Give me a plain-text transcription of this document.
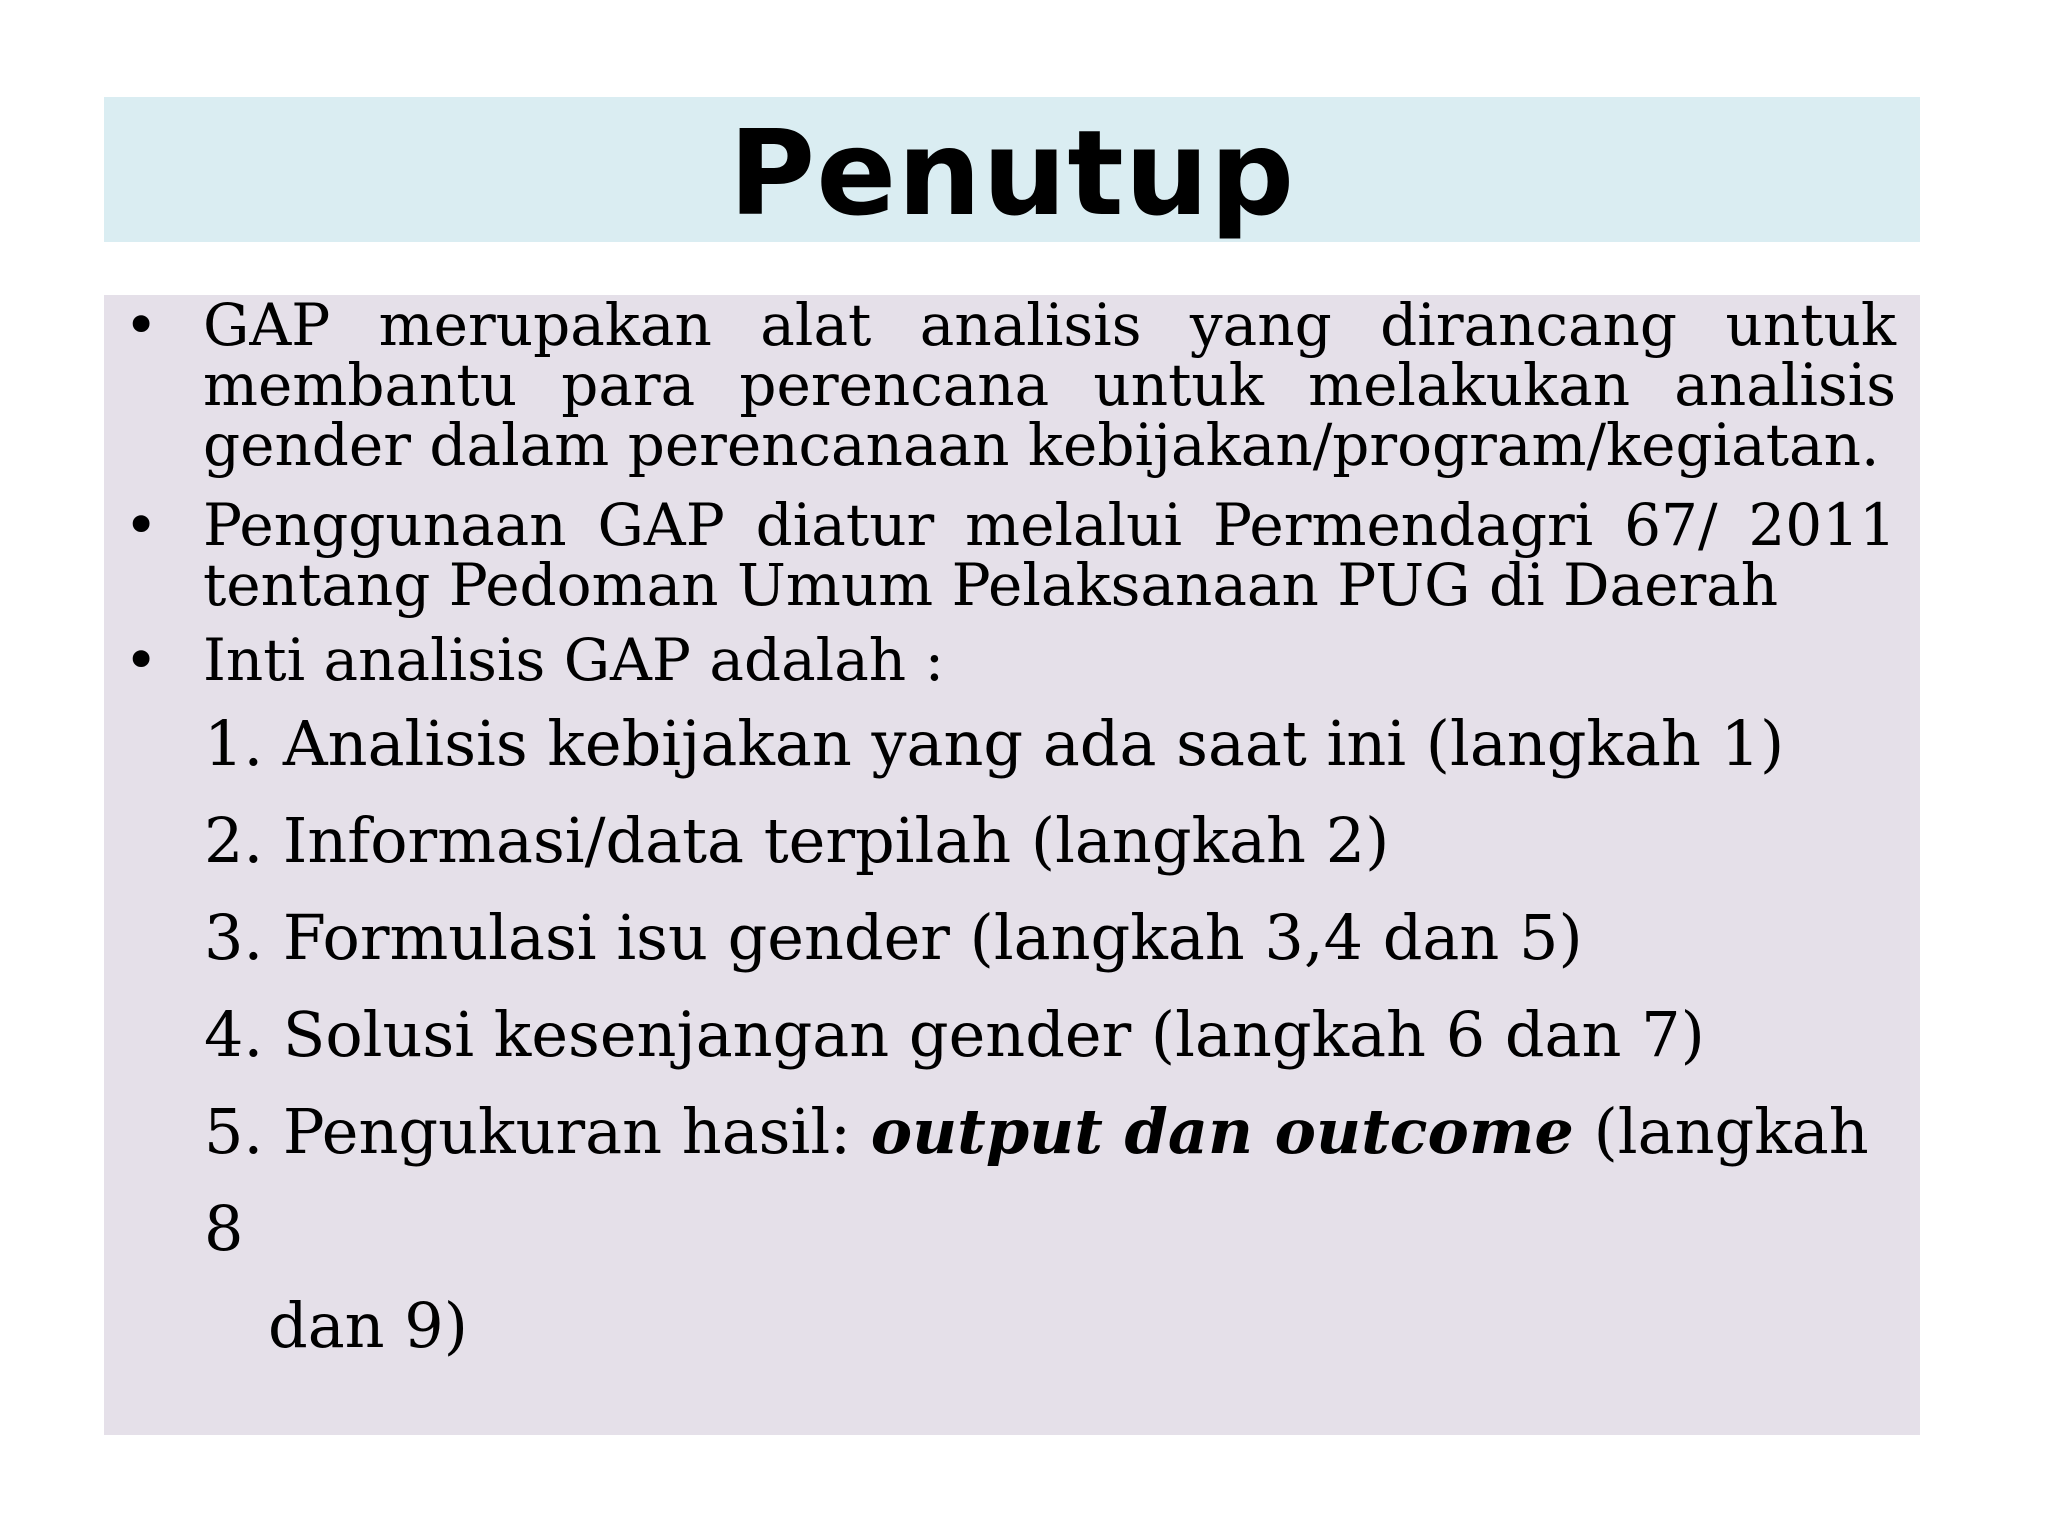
Penutup
• GAP merupakan alat analisis yang dirancang untuk membantu para perencana untuk melakukan analisis gender dalam perencanaan kebijakan/program/kegiatan.
• Penggunaan GAP diatur melalui Permendagri 67/ 2011 tentang Pedoman Umum Pelaksanaan PUG di Daerah
• Inti analisis GAP adalah :
1. Analisis kebijakan yang ada saat ini (langkah 1)
2. Informasi/data terpilah (langkah 2)
3. Formulasi isu gender (langkah 3,4 dan 5)
4. Solusi kesenjangan gender (langkah 6 dan 7)
5. Pengukuran hasil: output dan outcome (langkah 8
dan 9)
